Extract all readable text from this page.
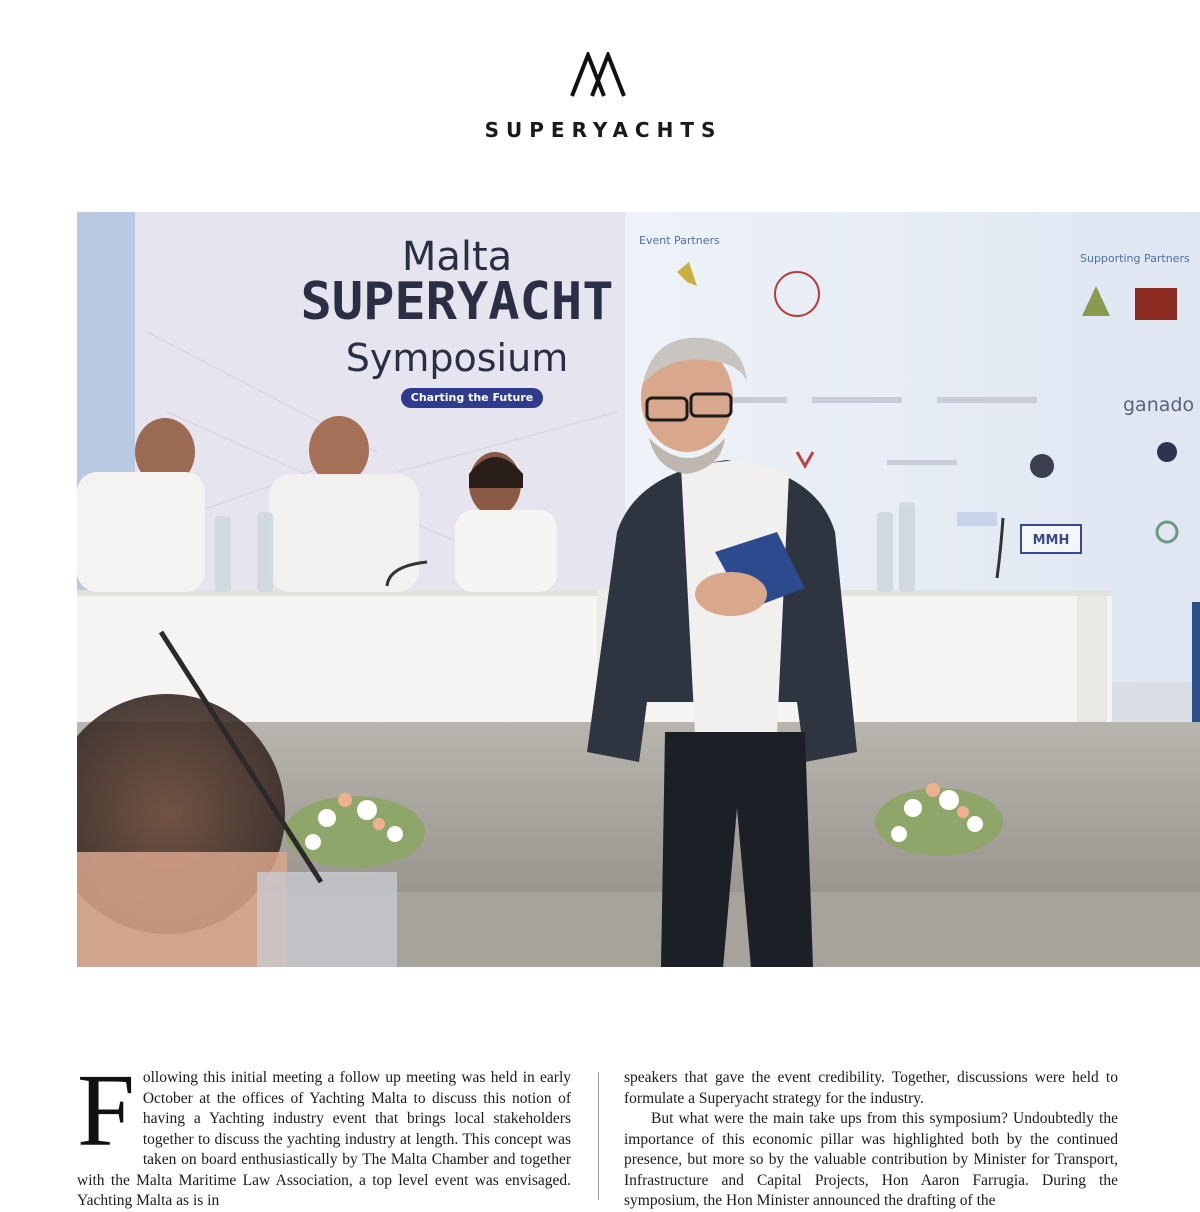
SUPERYACHTS
Malta
SUPERYACHT
Symposium
Charting the Future
Event Partners
Supporting Partners
ganado
MMH

Following this initial meeting a follow up meeting was held in early October at the offices of Yachting Malta to discuss this notion of having a Yachting industry event that brings local stakeholders together to discuss the yachting industry at length. This concept was taken on board enthusiastically by The Malta Chamber and together with the Malta Maritime Law Association, a top level event was envisaged. Yachting Malta as is in

speakers that gave the event credibility. Together, discussions were held to formulate a Superyacht strategy for the industry.

But what were the main take ups from this symposium? Undoubtedly the importance of this economic pillar was highlighted both by the continued presence, but more so by the valuable contribution by Minister for Transport, Infrastructure and Capital Projects, Hon Aaron Farrugia. During the symposium, the Hon Minister announced the drafting of the
